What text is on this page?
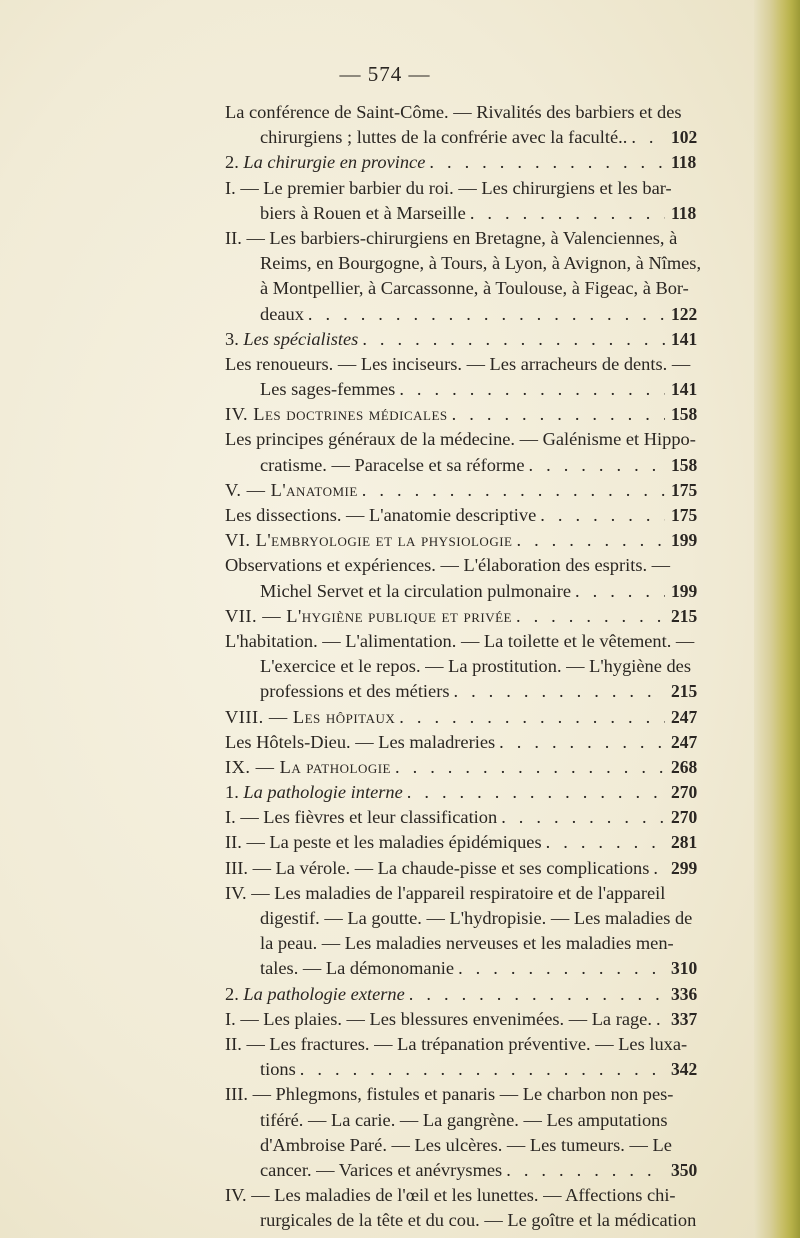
— 574 —
La conférence de Saint-Côme. — Rivalités des barbiers et des
chirurgiens ; luttes de la confrérie avec la faculté.. . . . 102
2. La chirurgie en province . . .	118
I. — Le premier barbier du roi. — Les chirurgiens et les bar-
biers à Rouen et à Marseille . . .	118
II. — Les barbiers-chirurgiens en Bretagne, à Valenciennes, à
Reims, en Bourgogne, à Tours, à Lyon, à Avignon, à Nîmes,
à Montpellier, à Carcassonne, à Toulouse, à Figeac, à Bor-
deaux . . .	122
3. Les spécialistes . . .	141
Les renoueurs. — Les inciseurs. — Les arracheurs de dents. —
Les sages-femmes . . .	141
IV. Les doctrines médicales . . .	158
Les principes généraux de la médecine. — Galénisme et Hippo-
cratisme. — Paracelse et sa réforme . . .	158
V. — L'anatomie . . .	175
Les dissections. — L'anatomie descriptive . . .	175
VI. L'embryologie et la physiologie . . .	199
Observations et expériences. — L'élaboration des esprits. —
Michel Servet et la circulation pulmonaire . . .	199
VII. — L'hygiène publique et privée . . .	215
L'habitation. — L'alimentation. — La toilette et le vêtement. —
L'exercice et le repos. — La prostitution. — L'hygiène des
professions et des métiers . . .	215
VIII. — Les hôpitaux . . .	247
Les Hôtels-Dieu. — Les maladreries . . .	247
IX. — La pathologie . . .	268
1. La pathologie interne . . .	270
I. — Les fièvres et leur classification . . .	270
II. — La peste et les maladies épidémiques . . .	281
III. — La vérole. — La chaude-pisse et ses complications . . . 299
IV. — Les maladies de l'appareil respiratoire et de l'appareil
digestif. — La goutte. — L'hydropisie. — Les maladies de
la peau. — Les maladies nerveuses et les maladies men-
tales. — La démonomanie . . .	310
2. La pathologie externe . . .	336
I. — Les plaies. — Les blessures envenimées. — La rage. . . . 337
II. — Les fractures. — La trépanation préventive. — Les luxa-
tions . . .	342
III. — Phlegmons, fistules et panaris — Le charbon non pes-
tiféré. — La carie. — La gangrène. — Les amputations
d'Ambroise Paré. — Les ulcères. — Les tumeurs. — Le
cancer. — Varices et anévrysmes . . .	350
IV. — Les maladies de l'œil et les lunettes. — Affections chi-
rurgicales de la tête et du cou. — Le goître et la médication
